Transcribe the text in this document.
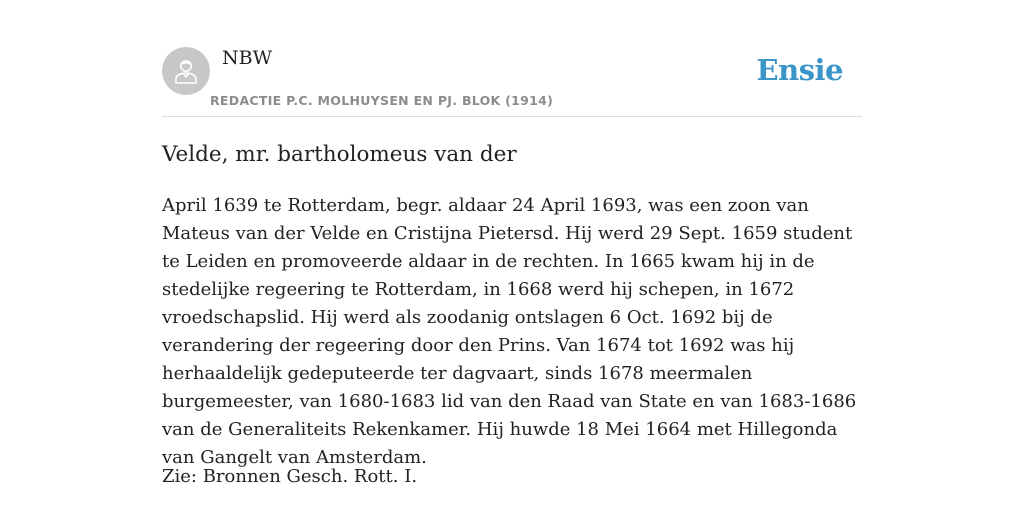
NBW
REDACTIE P.C. MOLHUYSEN EN PJ. BLOK (1914)
Ensie
Velde, mr. bartholomeus van der

April 1639 te Rotterdam, begr. aldaar 24 April 1693, was een zoon van Mateus van der Velde en Cristijna Pietersd. Hij werd 29 Sept. 1659 student te Leiden en promoveerde aldaar in de rechten. In 1665 kwam hij in de stedelijke regeering te Rotterdam, in 1668 werd hij schepen, in 1672 vroedschapslid. Hij werd als zoodanig ontslagen 6 Oct. 1692 bij de verandering der regeering door den Prins. Van 1674 tot 1692 was hij herhaaldelijk gedeputeerde ter dagvaart, sinds 1678 meermalen burgemeester, van 1680-1683 lid van den Raad van State en van 1683-1686 van de Generaliteits Rekenkamer. Hij huwde 18 Mei 1664 met Hillegonda van Gangelt van Amsterdam.

Zie: Bronnen Gesch. Rott. I.
